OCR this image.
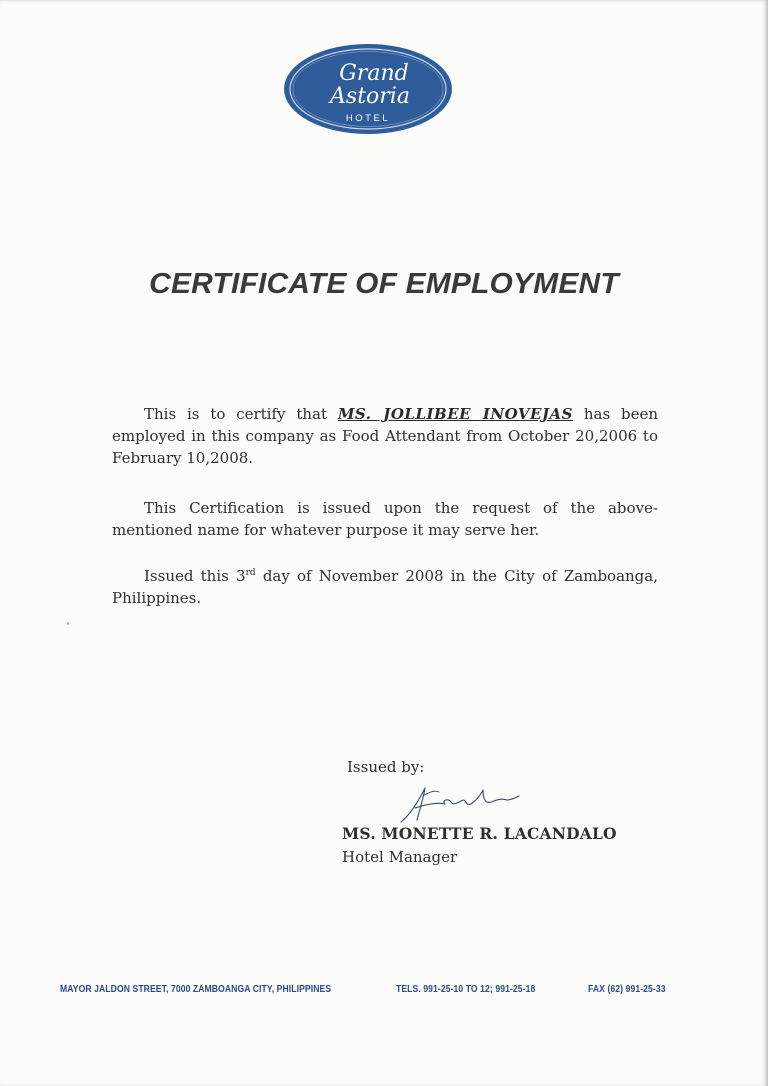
Grand
Astoria
HOTEL
CERTIFICATE OF EMPLOYMENT

This is to certify that MS. JOLLIBEE INOVEJAS has been employed in this company as Food Attendant from October 20,2006 to February 10,2008.

This Certification is issued upon the request of the above-mentioned name for whatever purpose it may serve her.

Issued this 3rd day of November 2008 in the City of Zamboanga, Philippines.

Issued by:
MS. MONETTE R. LACANDALO
Hotel Manager
MAYOR JALDON STREET, 7000 ZAMBOANGA CITY, PHILIPPINES	TELS. 991-25-10 TO 12; 991-25-18	FAX (62) 991-25-33
